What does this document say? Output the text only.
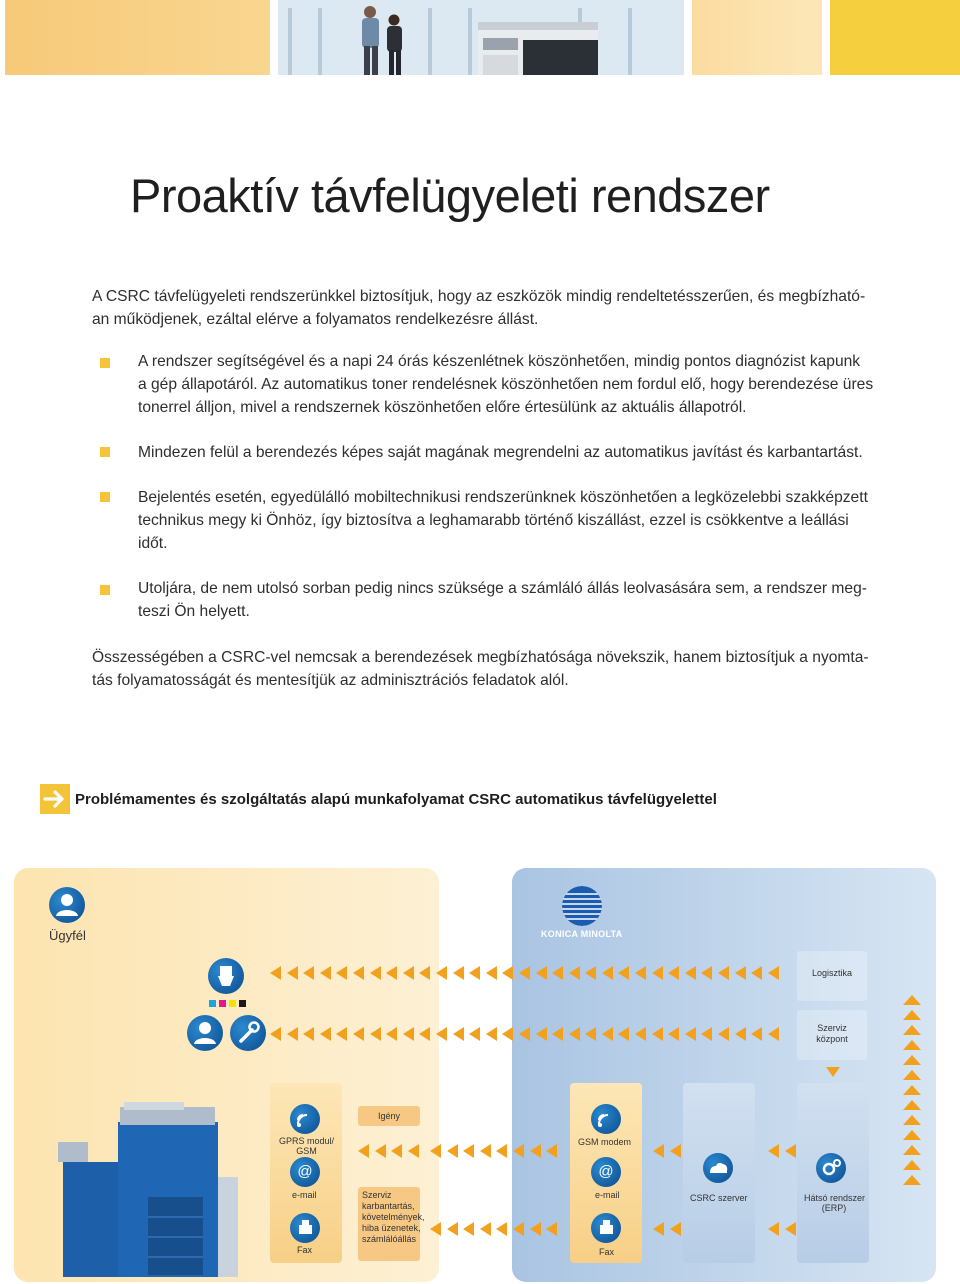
Proaktív távfelügyeleti rendszer

A CSRC távfelügyeleti rendszerünkkel biztosítjuk, hogy az eszközök mindig rendeltetésszerűen, és megbízható-
an működjenek, ezáltal elérve a folyamatos rendelkezésre állást.

A rendszer segítségével és a napi 24 órás készenlétnek köszönhetően, mindig pontos diagnózist kapunk
a gép állapotáról. Az automatikus toner rendelésnek köszönhetően nem fordul elő, hogy berendezése üres
tonerrel álljon, mivel a rendszernek köszönhetően előre értesülünk az aktuális állapotról.

Mindezen felül a berendezés képes saját magának megrendelni az automatikus javítást és karbantartást.

Bejelentés esetén, egyedülálló mobiltechnikusi rendszerünknek köszönhetően a legközelebbi szakképzett
technikus megy ki Önhöz, így biztosítva a leghamarabb történő kiszállást, ezzel is csökkentve a leállási
időt.

Utoljára, de nem utolsó sorban pedig nincs szüksége a számláló állás leolvasására sem, a rendszer meg-
teszi Ön helyett.

Összességében a CSRC-vel nemcsak a berendezések megbízhatósága növekszik, hanem biztosítjuk a nyomta-
tás folyamatosságát és mentesítjük az adminisztrációs feladatok alól.

Problémamentes és szolgáltatás alapú munkafolyamat CSRC automatikus távfelügyelettel
Ügyfél	KONICA MINOLTA
Logisztika
Szerviz
központ
GPRS modul/
GSM
@
e-mail
Fax
Igény
Szerviz
karbantartás,
követelmények,
hiba üzenetek,
számlálóállás
GSM modem
@
e-mail
Fax
CSRC szerver	Hátsó rendszer
(ERP)
